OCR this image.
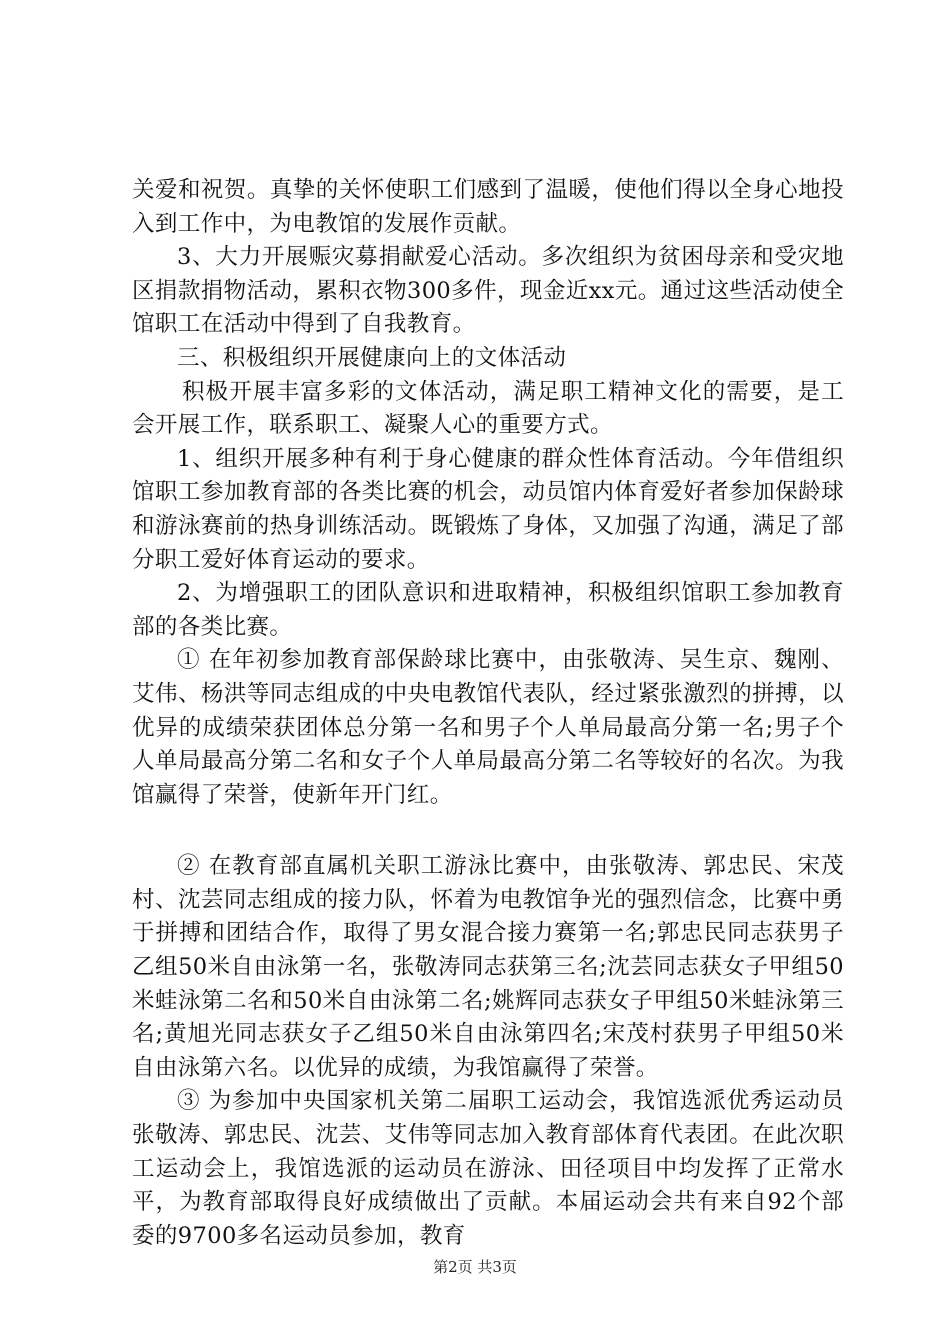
关爱和祝贺。真挚的关怀使职工们感到了温暖，使他们得以全身心地投入到工作中，为电教馆的发展作贡献。

3、大力开展赈灾募捐献爱心活动。多次组织为贫困母亲和受灾地区捐款捐物活动，累积衣物300多件，现金近xx元。通过这些活动使全馆职工在活动中得到了自我教育。

三、积极组织开展健康向上的文体活动

积极开展丰富多彩的文体活动，满足职工精神文化的需要，是工会开展工作，联系职工、凝聚人心的重要方式。

1、组织开展多种有利于身心健康的群众性体育活动。今年借组织馆职工参加教育部的各类比赛的机会，动员馆内体育爱好者参加保龄球和游泳赛前的热身训练活动。既锻炼了身体，又加强了沟通，满足了部分职工爱好体育运动的要求。

2、为增强职工的团队意识和进取精神，积极组织馆职工参加教育部的各类比赛。

① 在年初参加教育部保龄球比赛中，由张敬涛、吴生京、魏刚、艾伟、杨洪等同志组成的中央电教馆代表队，经过紧张激烈的拼搏，以优异的成绩荣获团体总分第一名和男子个人单局最高分第一名;男子个人单局最高分第二名和女子个人单局最高分第二名等较好的名次。为我馆赢得了荣誉，使新年开门红。

② 在教育部直属机关职工游泳比赛中，由张敬涛、郭忠民、宋茂村、沈芸同志组成的接力队，怀着为电教馆争光的强烈信念，比赛中勇于拼搏和团结合作，取得了男女混合接力赛第一名;郭忠民同志获男子乙组50米自由泳第一名，张敬涛同志获第三名;沈芸同志获女子甲组50米蛙泳第二名和50米自由泳第二名;姚辉同志获女子甲组50米蛙泳第三名;黄旭光同志获女子乙组50米自由泳第四名;宋茂村获男子甲组50米自由泳第六名。以优异的成绩，为我馆赢得了荣誉。

③ 为参加中央国家机关第二届职工运动会，我馆选派优秀运动员张敬涛、郭忠民、沈芸、艾伟等同志加入教育部体育代表团。在此次职工运动会上，我馆选派的运动员在游泳、田径项目中均发挥了正常水平，为教育部取得良好成绩做出了贡献。本届运动会共有来自92个部委的9700多名运动员参加，教育

第2页 共3页
